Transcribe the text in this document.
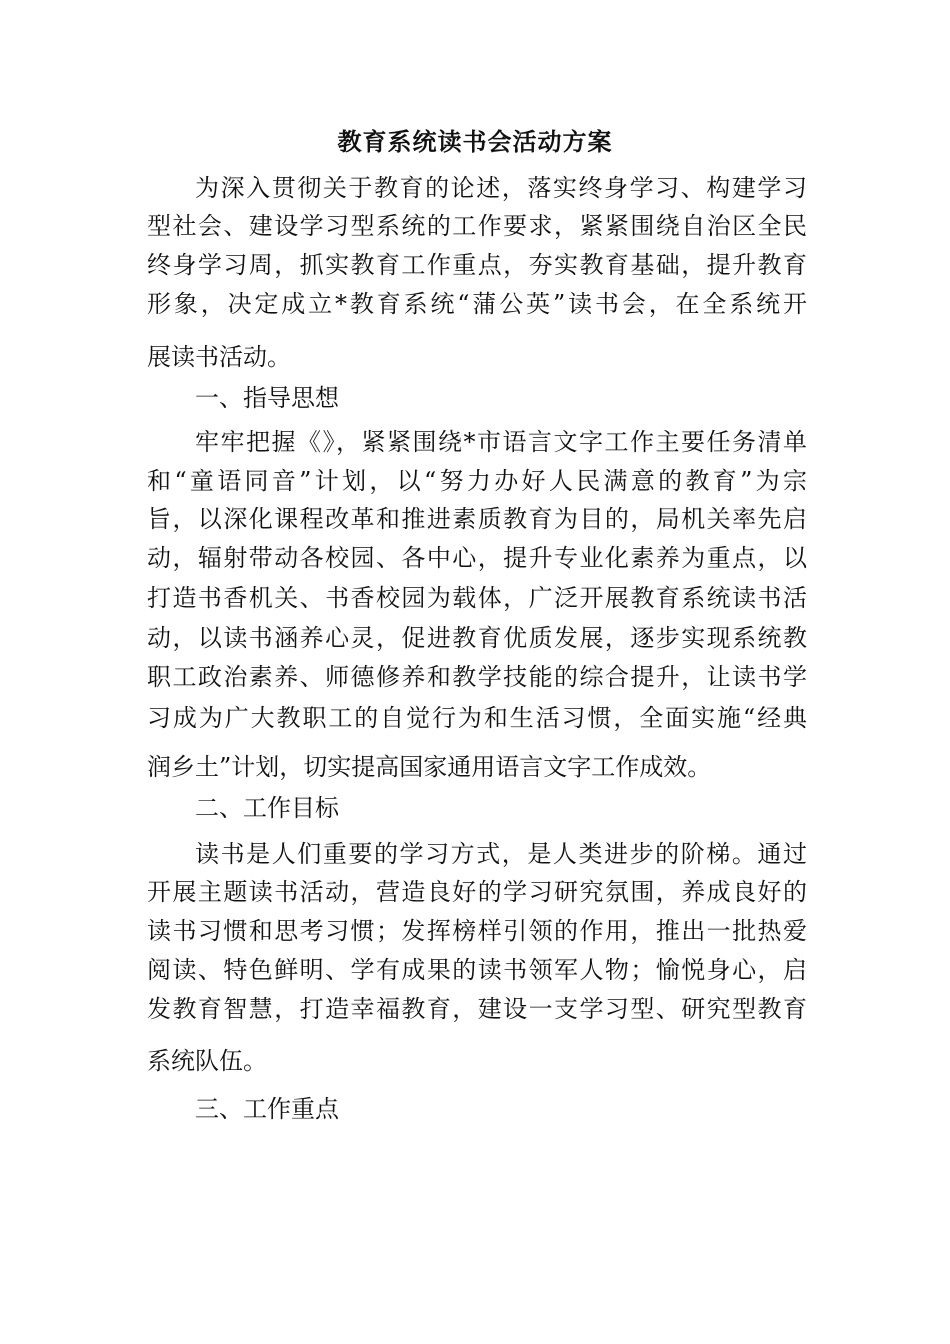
教育系统读书会活动方案

为深入贯彻关于教育的论述，落实终身学习、构建学习

型社会、建设学习型系统的工作要求，紧紧围绕自治区全民

终身学习周，抓实教育工作重点，夯实教育基础，提升教育

形象，决定成立*教育系统“蒲公英”读书会，在全系统开

展读书活动。

一、指导思想

牢牢把握《》，紧紧围绕*市语言文字工作主要任务清单

和“童语同音”计划，以“努力办好人民满意的教育”为宗

旨，以深化课程改革和推进素质教育为目的，局机关率先启

动，辐射带动各校园、各中心，提升专业化素养为重点，以

打造书香机关、书香校园为载体，广泛开展教育系统读书活

动，以读书涵养心灵，促进教育优质发展，逐步实现系统教

职工政治素养、师德修养和教学技能的综合提升，让读书学

习成为广大教职工的自觉行为和生活习惯，全面实施“经典

润乡土”计划，切实提高国家通用语言文字工作成效。

二、工作目标

读书是人们重要的学习方式，是人类进步的阶梯。通过

开展主题读书活动，营造良好的学习研究氛围，养成良好的

读书习惯和思考习惯；发挥榜样引领的作用，推出一批热爱

阅读、特色鲜明、学有成果的读书领军人物；愉悦身心，启

发教育智慧，打造幸福教育，建设一支学习型、研究型教育

系统队伍。

三、工作重点
